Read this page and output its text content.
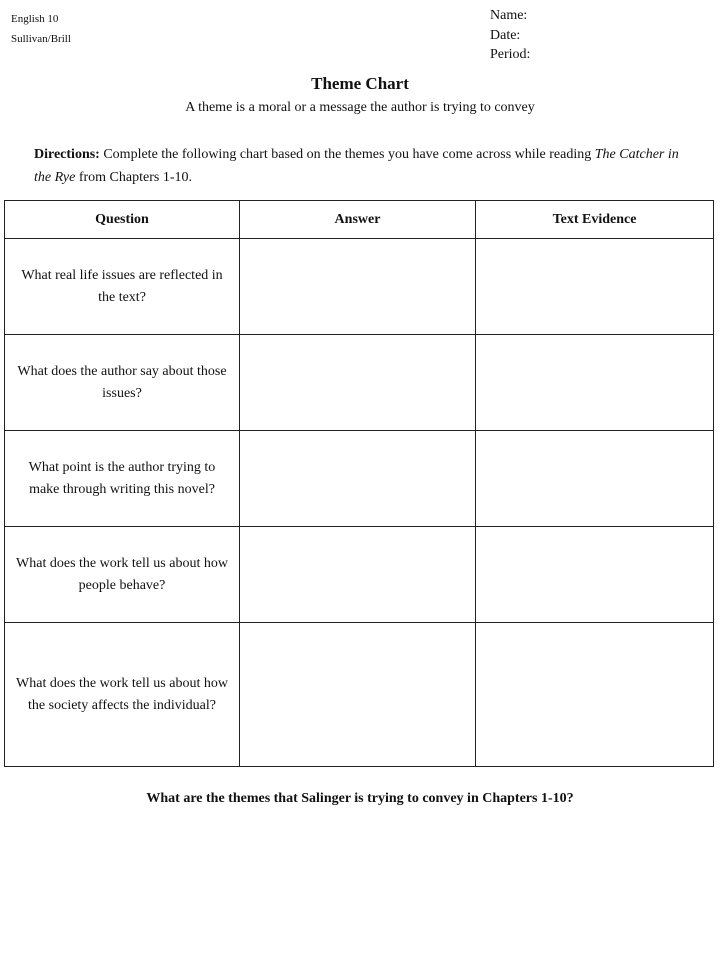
English 10
Sullivan/Brill
Name:
Date:
Period:
Theme Chart
A theme is a moral or a message the author is trying to convey
Directions: Complete the following chart based on the themes you have come across while reading The Catcher in the Rye from Chapters 1-10.
Question	Answer	Text Evidence
What real life issues are reflected in the text?		
What does the author say about those issues?		
What point is the author trying to make through writing this novel?		
What does the work tell us about how people behave?		
What does the work tell us about how the society affects the individual?		
What are the themes that Salinger is trying to convey in Chapters 1-10?
